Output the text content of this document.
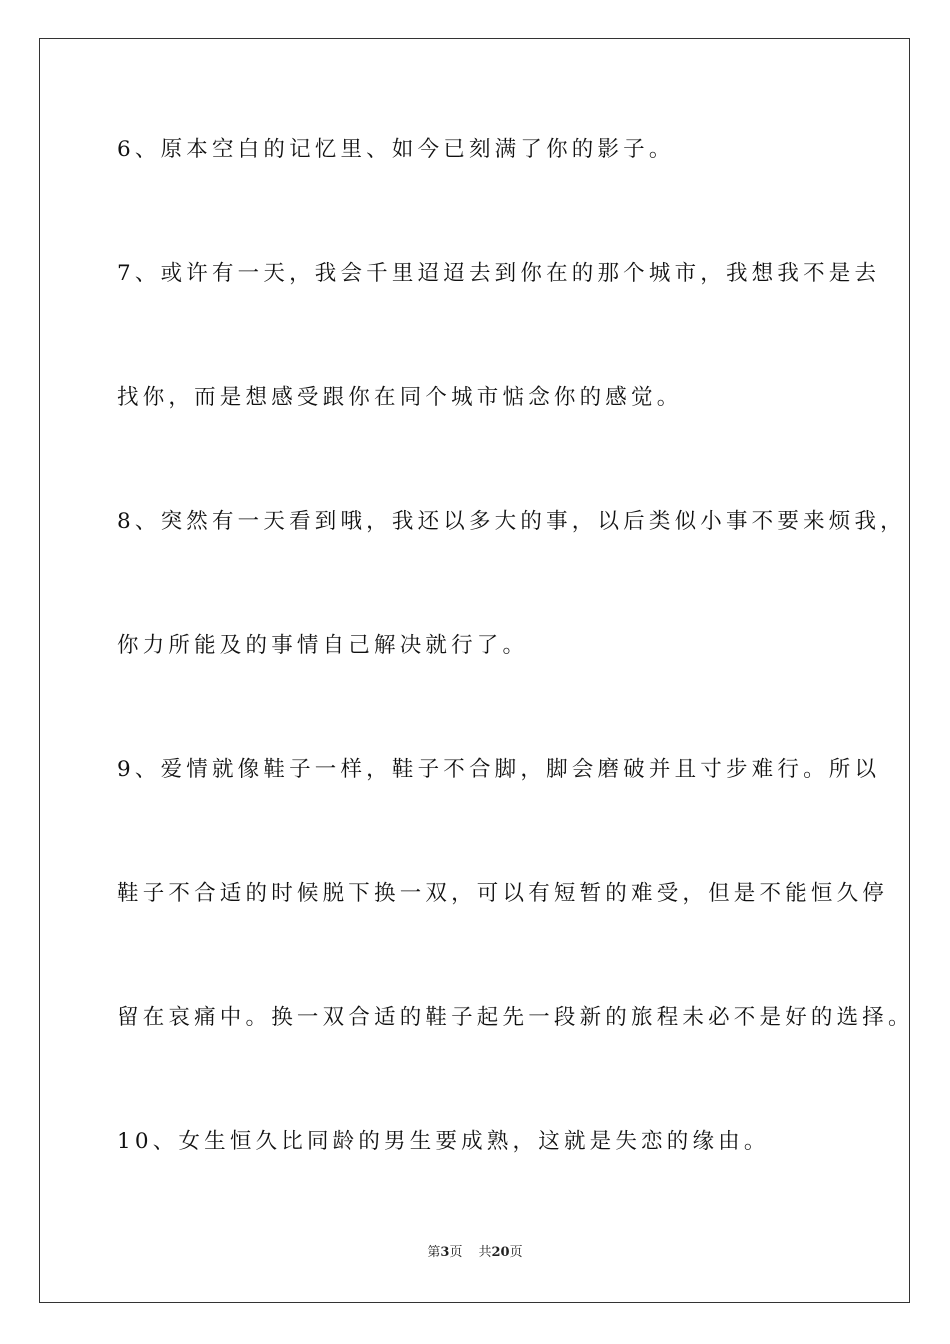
6、原本空白的记忆里、如今已刻满了你的影子。
7、或许有一天，我会千里迢迢去到你在的那个城市，我想我不是去
找你，而是想感受跟你在同个城市惦念你的感觉。
8、突然有一天看到哦，我还以多大的事，以后类似小事不要来烦我，
你力所能及的事情自己解决就行了。
9、爱情就像鞋子一样，鞋子不合脚，脚会磨破并且寸步难行。所以
鞋子不合适的时候脱下换一双，可以有短暂的难受，但是不能恒久停
留在哀痛中。换一双合适的鞋子起先一段新的旅程未必不是好的选择。
10、女生恒久比同龄的男生要成熟，这就是失恋的缘由。
第3页 共20页
